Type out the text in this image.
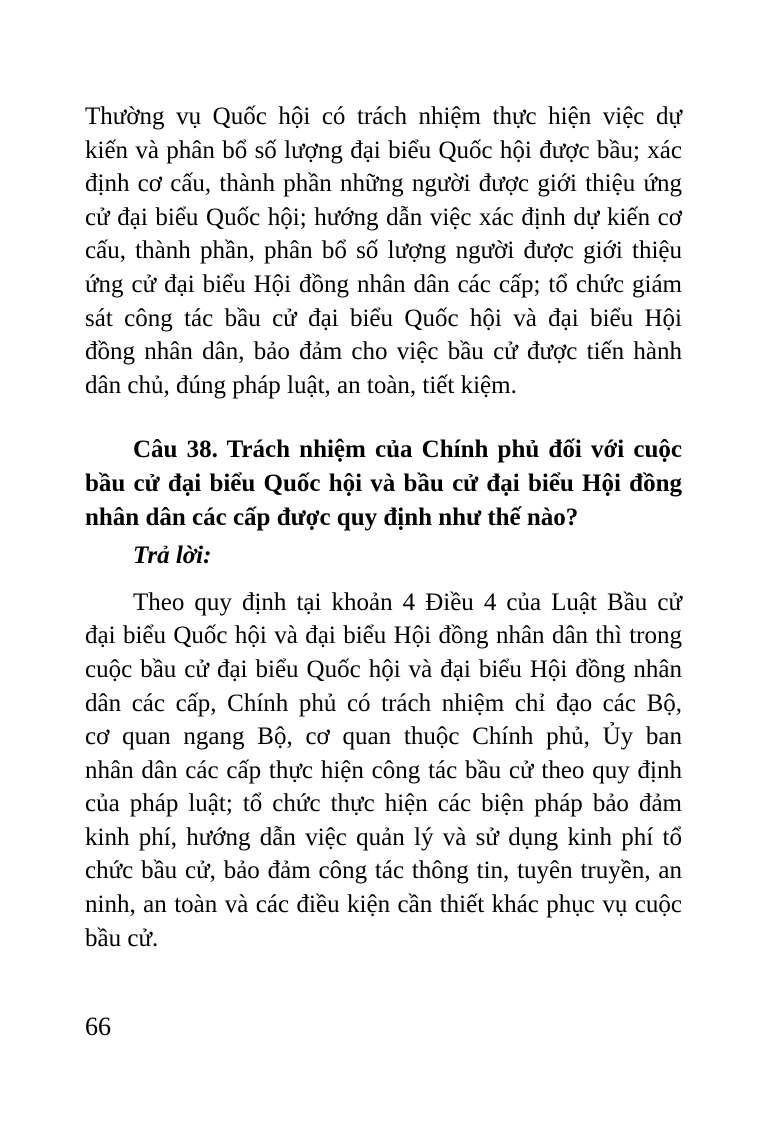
Thường vụ Quốc hội có trách nhiệm thực hiện việc dự
kiến và phân bổ số lượng đại biểu Quốc hội được bầu; xác
định cơ cấu, thành phần những người được giới thiệu ứng
cử đại biểu Quốc hội; hướng dẫn việc xác định dự kiến cơ
cấu, thành phần, phân bổ số lượng người được giới thiệu
ứng cử đại biểu Hội đồng nhân dân các cấp; tổ chức giám
sát công tác bầu cử đại biểu Quốc hội và đại biểu Hội
đồng nhân dân, bảo đảm cho việc bầu cử được tiến hành
dân chủ, đúng pháp luật, an toàn, tiết kiệm.
Câu 38. Trách nhiệm của Chính phủ đối với cuộc
bầu cử đại biểu Quốc hội và bầu cử đại biểu Hội đồng
nhân dân các cấp được quy định như thế nào?
Trả lời:
Theo quy định tại khoản 4 Điều 4 của Luật Bầu cử
đại biểu Quốc hội và đại biểu Hội đồng nhân dân thì trong
cuộc bầu cử đại biểu Quốc hội và đại biểu Hội đồng nhân
dân các cấp, Chính phủ có trách nhiệm chỉ đạo các Bộ,
cơ quan ngang Bộ, cơ quan thuộc Chính phủ, Ủy ban
nhân dân các cấp thực hiện công tác bầu cử theo quy định
của pháp luật; tổ chức thực hiện các biện pháp bảo đảm
kinh phí, hướng dẫn việc quản lý và sử dụng kinh phí tổ
chức bầu cử, bảo đảm công tác thông tin, tuyên truyền, an
ninh, an toàn và các điều kiện cần thiết khác phục vụ cuộc
bầu cử.
66
